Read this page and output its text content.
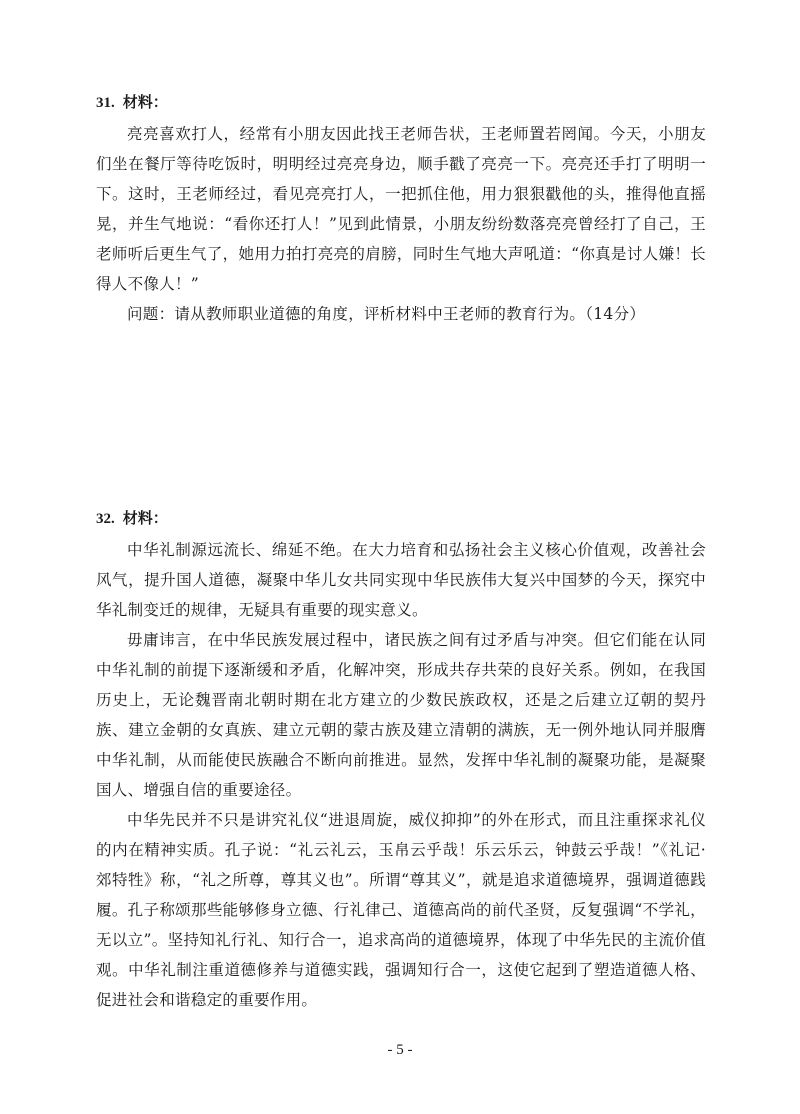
31. 材料：

亮亮喜欢打人，经常有小朋友因此找王老师告状，王老师置若罔闻。今天，小朋友们坐在餐厅等待吃饭时，明明经过亮亮身边，顺手戳了亮亮一下。亮亮还手打了明明一下。这时，王老师经过，看见亮亮打人，一把抓住他，用力狠狠戳他的头，推得他直摇晃，并生气地说：“看你还打人！”见到此情景，小朋友纷纷数落亮亮曾经打了自己，王老师听后更生气了，她用力拍打亮亮的肩膀，同时生气地大声吼道：“你真是讨人嫌！长得人不像人！”

问题：请从教师职业道德的角度，评析材料中王老师的教育行为。（14分）

32. 材料：

中华礼制源远流长、绵延不绝。在大力培育和弘扬社会主义核心价值观，改善社会风气，提升国人道德，凝聚中华儿女共同实现中华民族伟大复兴中国梦的今天，探究中华礼制变迁的规律，无疑具有重要的现实意义。

毋庸讳言，在中华民族发展过程中，诸民族之间有过矛盾与冲突。但它们能在认同中华礼制的前提下逐渐缓和矛盾，化解冲突，形成共存共荣的良好关系。例如，在我国历史上，无论魏晋南北朝时期在北方建立的少数民族政权，还是之后建立辽朝的契丹族、建立金朝的女真族、建立元朝的蒙古族及建立清朝的满族，无一例外地认同并服膺中华礼制，从而能使民族融合不断向前推进。显然，发挥中华礼制的凝聚功能，是凝聚国人、增强自信的重要途径。

中华先民并不只是讲究礼仪“进退周旋，威仪抑抑”的外在形式，而且注重探求礼仪的内在精神实质。孔子说：“礼云礼云，玉帛云乎哉！乐云乐云，钟鼓云乎哉！”《礼记·郊特牲》称，“礼之所尊，尊其义也”。所谓“尊其义”，就是追求道德境界，强调道德践履。孔子称颂那些能够修身立德、行礼律己、道德高尚的前代圣贤，反复强调“不学礼，无以立”。坚持知礼行礼、知行合一，追求高尚的道德境界，体现了中华先民的主流价值观。中华礼制注重道德修养与道德实践，强调知行合一，这使它起到了塑造道德人格、促进社会和谐稳定的重要作用。

- 5 -
